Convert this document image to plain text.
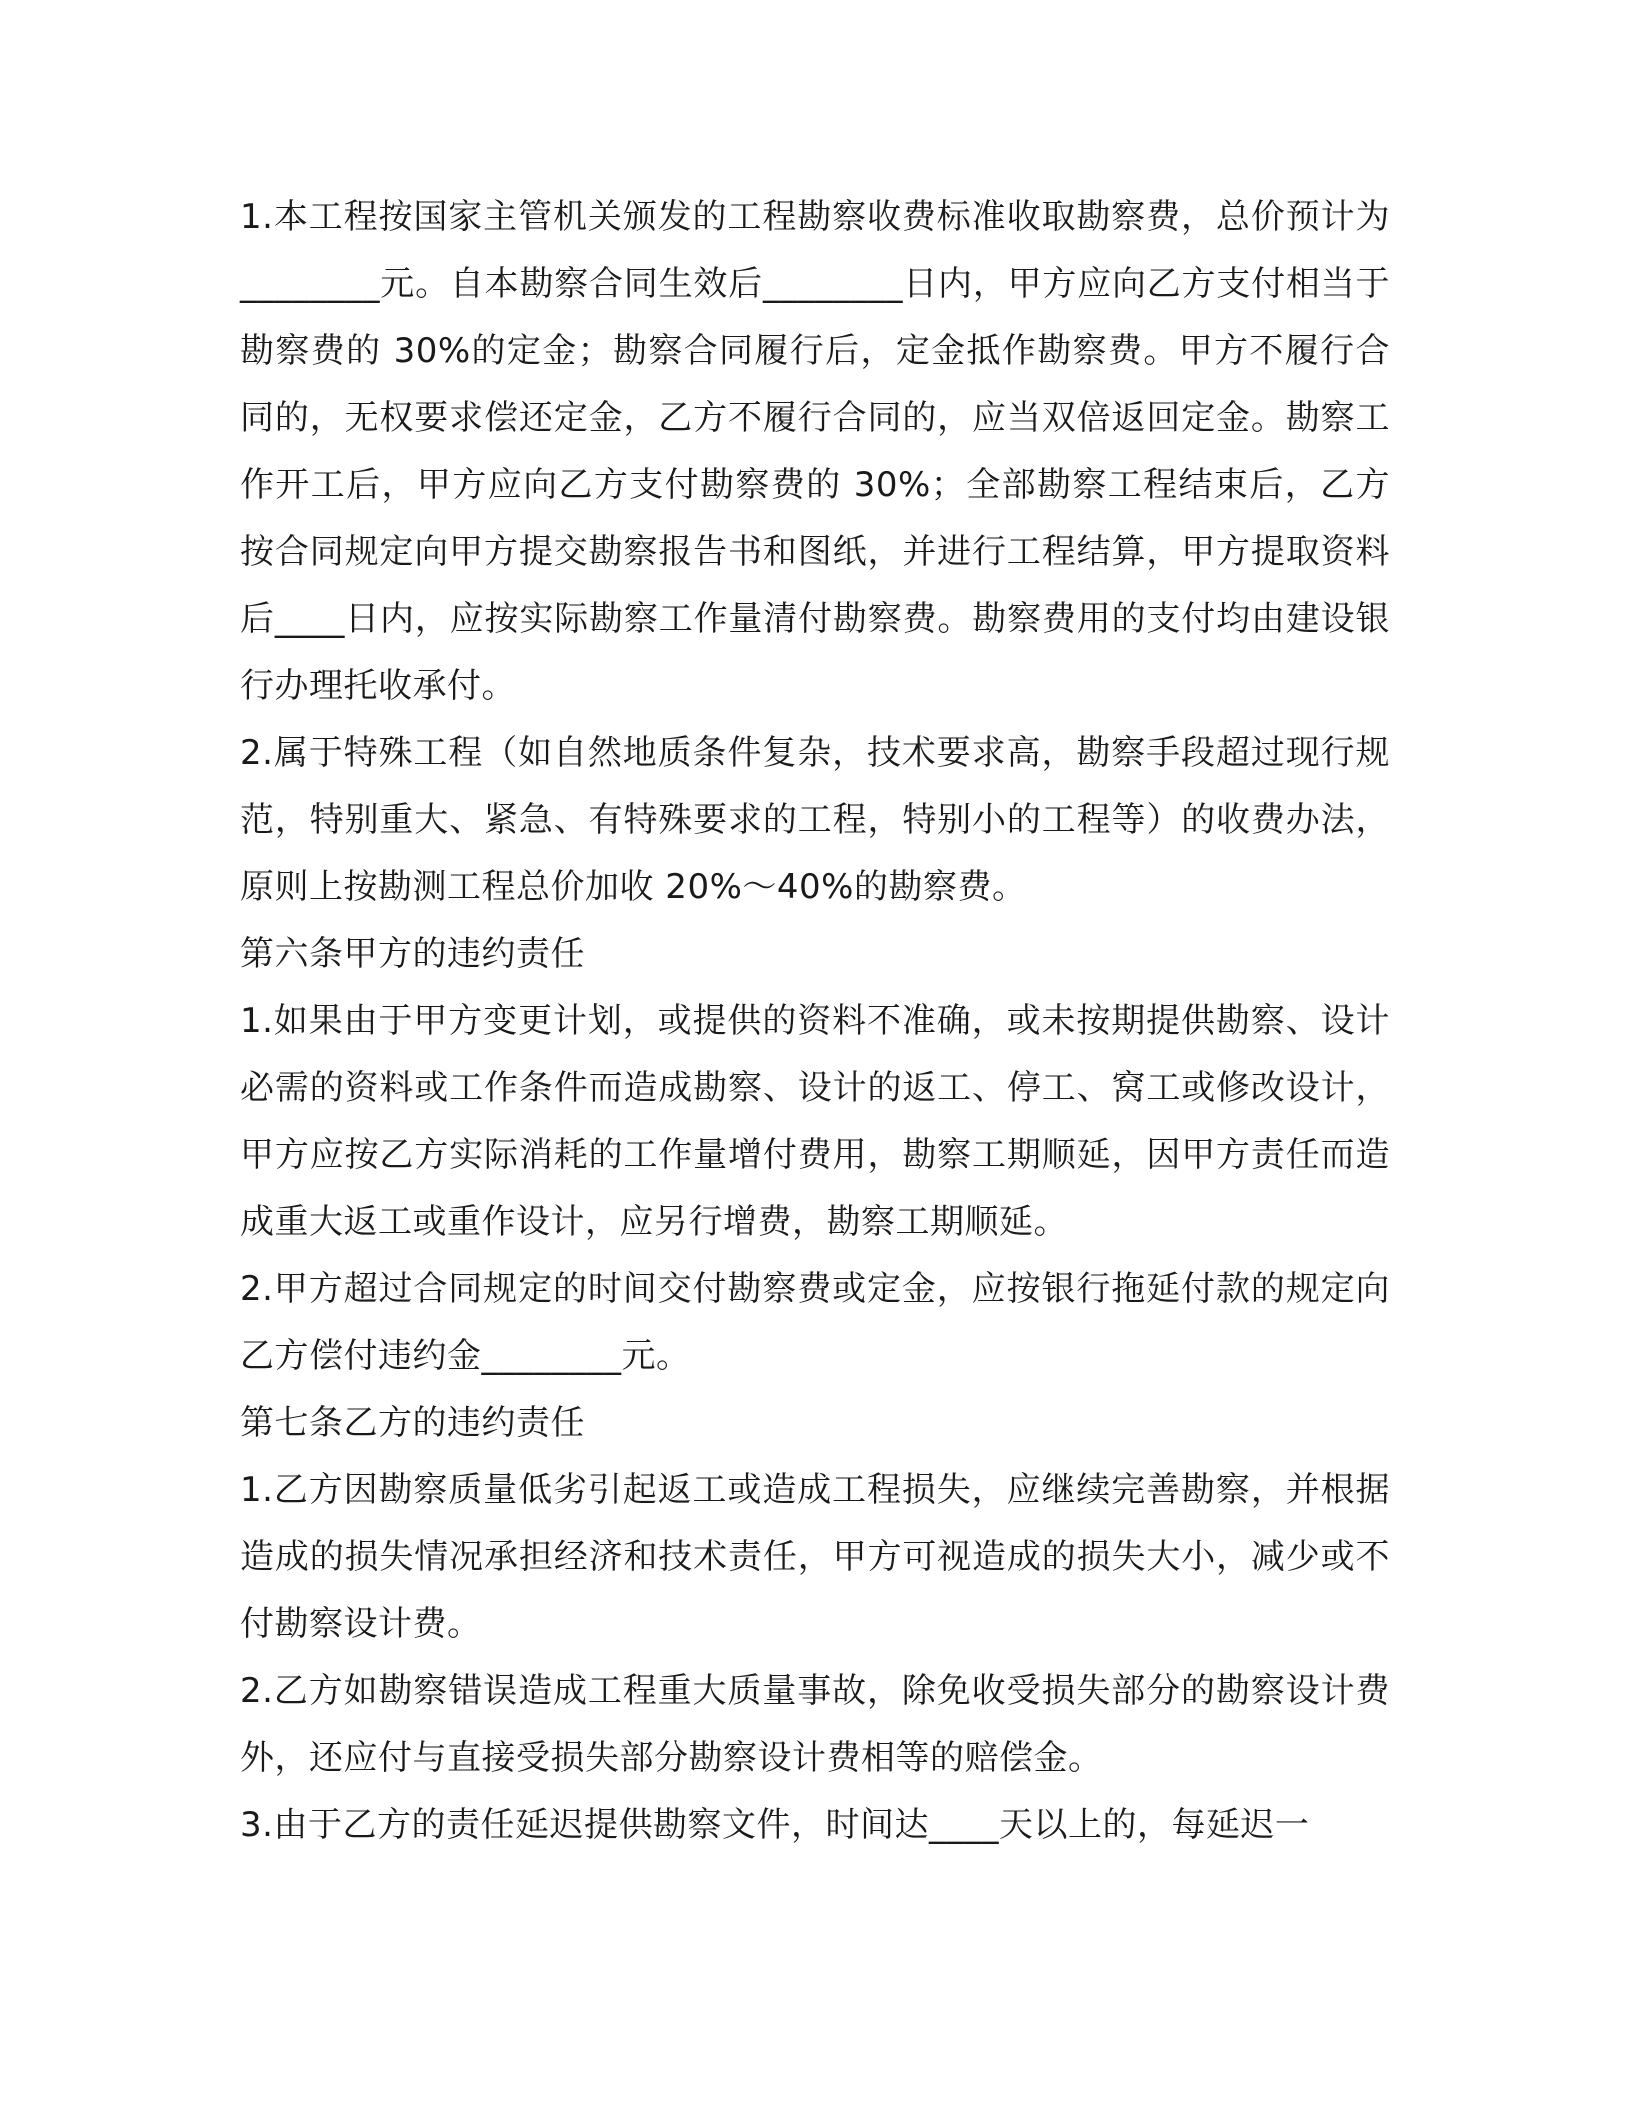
1.本工程按国家主管机关颁发的工程勘察收费标准收取勘察费，总价预计为________元。自本勘察合同生效后________日内，甲方应向乙方支付相当于勘察费的 30%的定金；勘察合同履行后，定金抵作勘察费。甲方不履行合同的，无权要求偿还定金，乙方不履行合同的，应当双倍返回定金。勘察工作开工后，甲方应向乙方支付勘察费的 30%；全部勘察工程结束后，乙方按合同规定向甲方提交勘察报告书和图纸，并进行工程结算，甲方提取资料后____日内，应按实际勘察工作量清付勘察费。勘察费用的支付均由建设银行办理托收承付。

2.属于特殊工程（如自然地质条件复杂，技术要求高，勘察手段超过现行规范，特别重大、紧急、有特殊要求的工程，特别小的工程等）的收费办法，原则上按勘测工程总价加收 20%～40%的勘察费。

第六条甲方的违约责任

1.如果由于甲方变更计划，或提供的资料不准确，或未按期提供勘察、设计必需的资料或工作条件而造成勘察、设计的返工、停工、窝工或修改设计，甲方应按乙方实际消耗的工作量增付费用，勘察工期顺延，因甲方责任而造成重大返工或重作设计，应另行增费，勘察工期顺延。

2.甲方超过合同规定的时间交付勘察费或定金，应按银行拖延付款的规定向乙方偿付违约金________元。

第七条乙方的违约责任

1.乙方因勘察质量低劣引起返工或造成工程损失，应继续完善勘察，并根据造成的损失情况承担经济和技术责任，甲方可视造成的损失大小，减少或不付勘察设计费。

2.乙方如勘察错误造成工程重大质量事故，除免收受损失部分的勘察设计费外，还应付与直接受损失部分勘察设计费相等的赔偿金。

3.由于乙方的责任延迟提供勘察文件，时间达____天以上的，每延迟一
